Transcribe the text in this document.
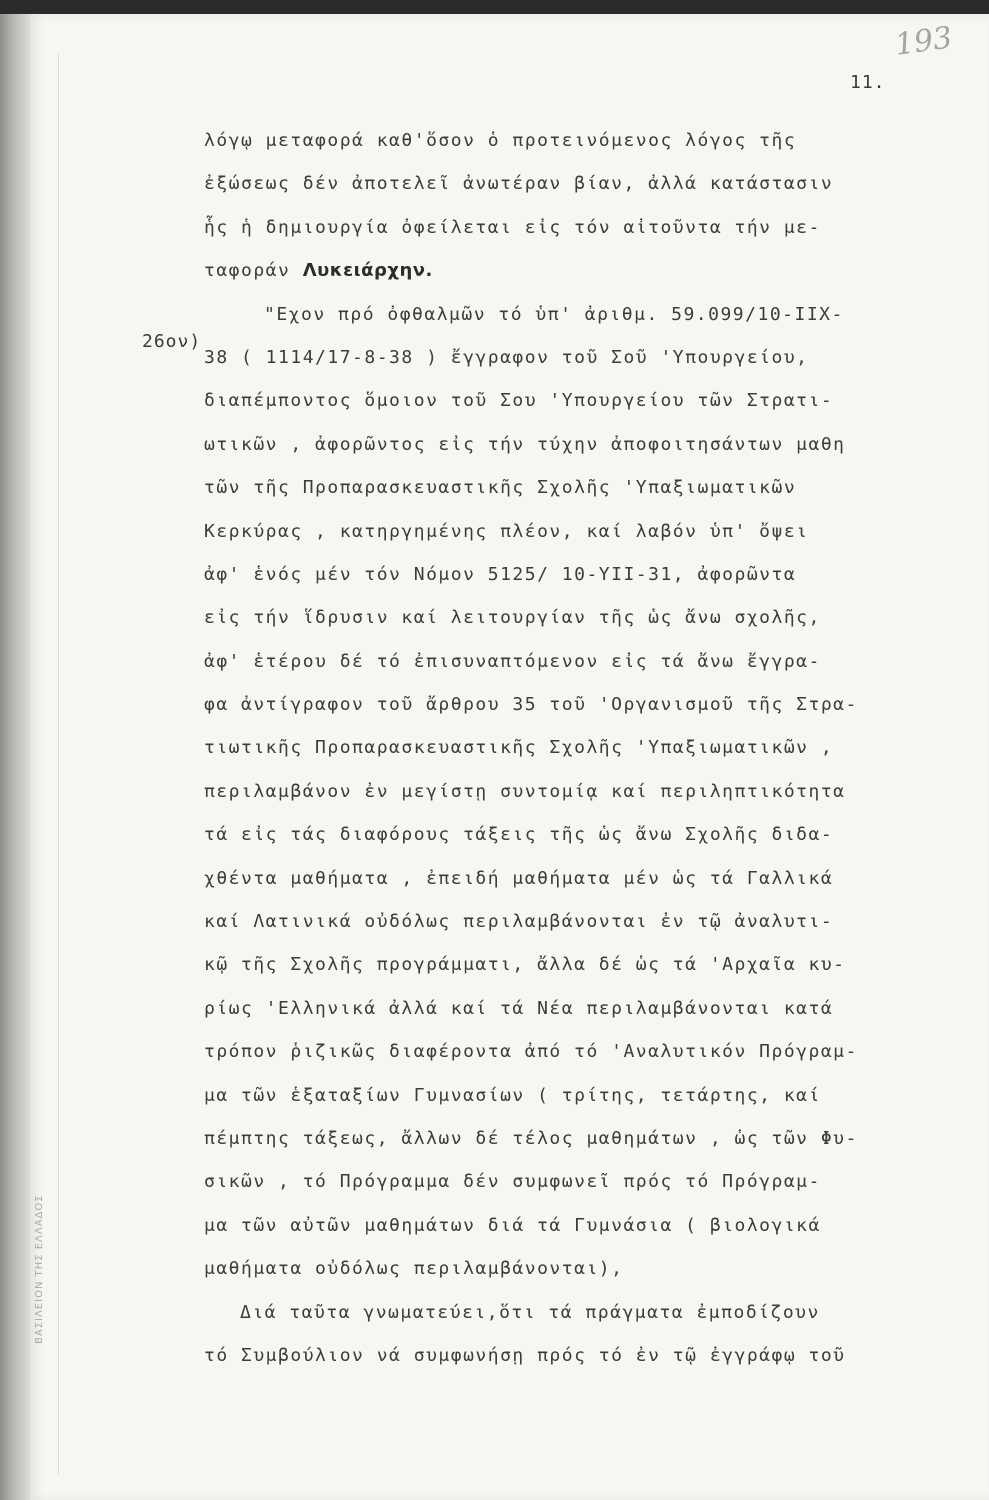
ΒΑΣΙΛΕΙΟΝ ΤΗΣ ΕΛΛΑΔΟΣ
193
11.
26ον)
λόγῳ μεταφορά καθ'ὅσον ὁ προτεινόμενος λόγος τῆς
ἐξώσεως δέν ἀποτελεῖ ἀνωτέραν βίαν, ἀλλά κατάστασιν
ἧς ἡ δημιουργία ὀφείλεται εἰς τόν αἰτοῦντα τήν με-
ταφοράν Λυκειάρχην.
"Εχον πρό ὀφθαλμῶν τό ὑπ' ἀριθμ. 59.099/10-ΙΙΧ-
38 ( 1114/17-8-38 ) ἔγγραφον τοῦ Σοῦ 'Υπουργείου,
διαπέμποντος ὅμοιον τοῦ Σου 'Υπουργείου τῶν Στρατι-
ωτικῶν , ἀφορῶντος εἰς τήν τύχην ἀποφοιτησάντων μαθη
τῶν τῆς Προπαρασκευαστικῆς Σχολῆς 'Υπαξιωματικῶν
Κερκύρας , κατηργημένης πλέον, καί λαβόν ὑπ' ὄψει
ἀφ' ἑνός μέν τόν Νόμον 5125/ 10-ΥΙΙ-31, ἀφορῶντα
εἰς τήν ἵδρυσιν καί λειτουργίαν τῆς ὡς ἄνω σχολῆς,
ἀφ' ἑτέρου δέ τό ἐπισυναπτόμενον εἰς τά ἄνω ἔγγρα-
φα ἀντίγραφον τοῦ ἄρθρου 35 τοῦ 'Οργανισμοῦ τῆς Στρα-
τιωτικῆς Προπαρασκευαστικῆς Σχολῆς 'Υπαξιωματικῶν ,
περιλαμβάνον ἐν μεγίστῃ συντομίᾳ καί περιληπτικότητα
τά εἰς τάς διαφόρους τάξεις τῆς ὡς ἄνω Σχολῆς διδα-
χθέντα μαθήματα , ἐπειδή μαθήματα μέν ὡς τά Γαλλικά
καί Λατινικά οὐδόλως περιλαμβάνονται ἐν τῷ ἀναλυτι-
κῷ τῆς Σχολῆς προγράμματι, ἄλλα δέ ὡς τά 'Αρχαῖα κυ-
ρίως 'Ελληνικά ἀλλά καί τά Νέα περιλαμβάνονται κατά
τρόπον ῥιζικῶς διαφέροντα ἀπό τό 'Αναλυτικόν Πρόγραμ-
μα τῶν ἑξαταξίων Γυμνασίων ( τρίτης, τετάρτης, καί
πέμπτης τάξεως, ἄλλων δέ τέλος μαθημάτων , ὡς τῶν Φυ-
σικῶν , τό Πρόγραμμα δέν συμφωνεῖ πρός τό Πρόγραμ-
μα τῶν αὐτῶν μαθημάτων διά τά Γυμνάσια ( βιολογικά
μαθήματα οὐδόλως περιλαμβάνονται),
Διά ταῦτα γνωματεύει,ὅτι τά πράγματα ἐμποδίζουν
τό Συμβούλιον νά συμφωνήσῃ πρός τό ἐν τῷ ἐγγράφῳ τοῦ
